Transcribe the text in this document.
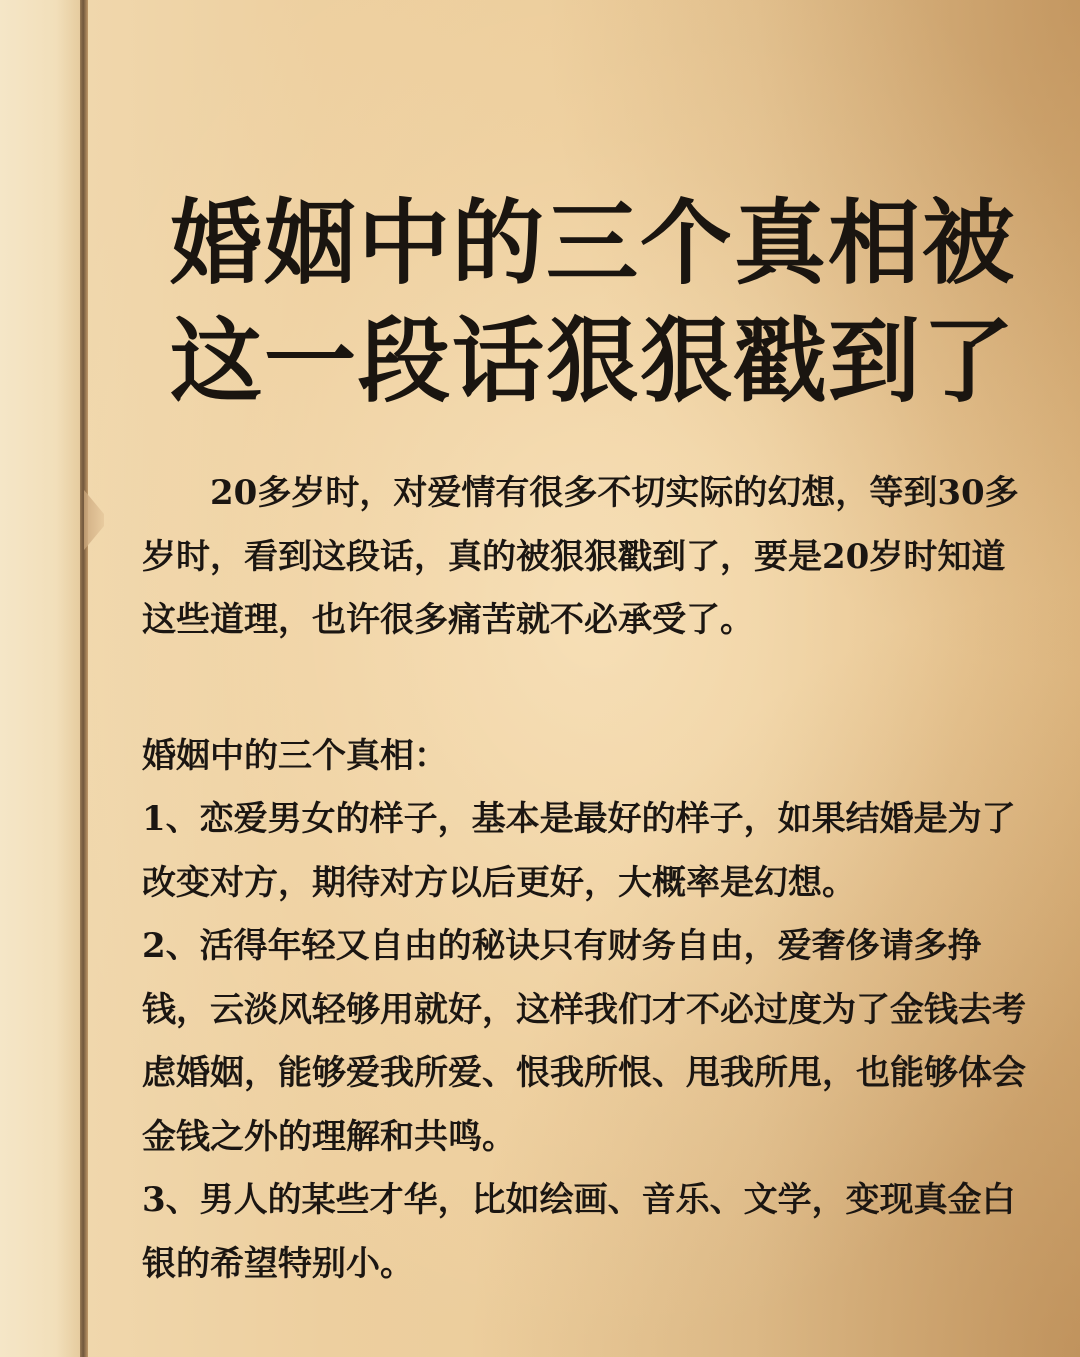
婚姻中的三个真相被
这一段话狠狠戳到了

20多岁时，对爱情有很多不切实际的幻想，等到30多岁时，看到这段话，真的被狠狠戳到了，要是20岁时知道这些道理，也许很多痛苦就不必承受了。

婚姻中的三个真相：

1、恋爱男女的样子，基本是最好的样子，如果结婚是为了改变对方，期待对方以后更好，大概率是幻想。

2、活得年轻又自由的秘诀只有财务自由，爱奢侈请多挣钱，云淡风轻够用就好，这样我们才不必过度为了金钱去考虑婚姻，能够爱我所爱、恨我所恨、甩我所甩，也能够体会金钱之外的理解和共鸣。

3、男人的某些才华，比如绘画、音乐、文学，变现真金白银的希望特别小。
